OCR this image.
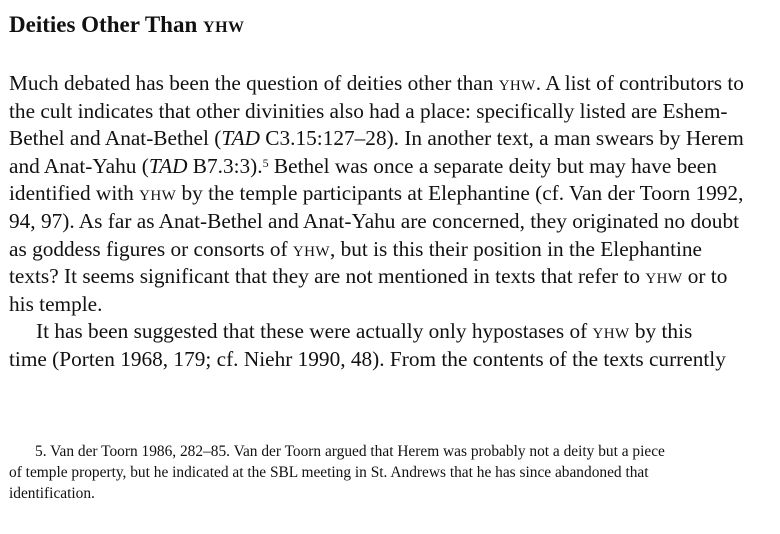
Deities Other Than YHW
Much debated has been the question of deities other than YHW. A list of contributors to
the cult indicates that other divinities also had a place: specifically listed are Eshem-
Bethel and Anat-Bethel (TAD C3.15:127–28). In another text, a man swears by Herem
and Anat-Yahu (TAD B7.3:3).$^5$ Bethel was once a separate deity but may have been
identified with YHW by the temple participants at Elephantine (cf. Van der Toorn 1992,
94, 97). As far as Anat-Bethel and Anat-Yahu are concerned, they originated no doubt
as goddess figures or consorts of YHW, but is this their position in the Elephantine
texts? It seems significant that they are not mentioned in texts that refer to YHW or to
his temple.
It has been suggested that these were actually only hypostases of YHW by this
time (Porten 1968, 179; cf. Niehr 1990, 48). From the contents of the texts currently
5. Van der Toorn 1986, 282–85. Van der Toorn argued that Herem was probably not a deity but a piece
of temple property, but he indicated at the SBL meeting in St. Andrews that he has since abandoned that
identification.
